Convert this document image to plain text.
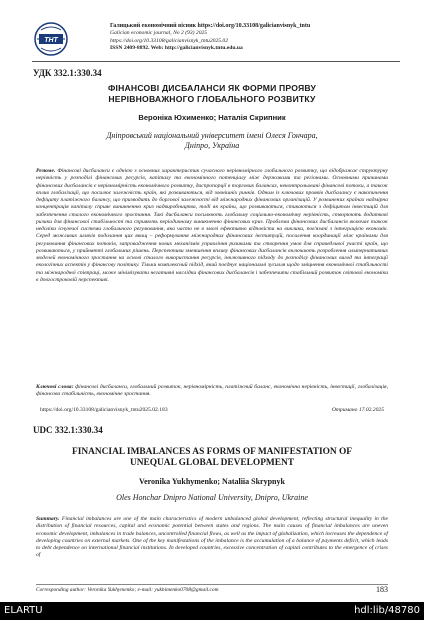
ТНТ
Галицький економічний вісник https://doi.org/10.33108/galicianvisnyk_tntu
Galician economic journal, No 2 (93) 2025
https://doi.org/10.33108/galicianvisnyk_tntu2025.02
ISSN 2409-8892. Web: http://galicianvisnyk.tntu.edu.ua
УДК 332.1:330.34
ФІНАНСОВІ ДИСБАЛАНСИ ЯК ФОРМИ ПРОЯВУ
НЕРІВНОВАЖНОГО ГЛОБАЛЬНОГО РОЗВИТКУ
Вероніка Юхименко; Наталія Скрипник
Дніпровський національний університет імені Олеся Гончара,
Дніпро, Україна
Резюме. Фінансові дисбаланси є однією з основних характеристик сучасного нерівномірного глобального розвитку, що відображає структурну нерівність у розподілі фінансових ресурсів, капіталу та економічного потенціалу між державами та регіонами. Основними причинами фінансових дисбалансів є нерівномірність економічного розвитку, диспропорції в торгових балансах, неконтрольовані фінансові потоки, а також вплив глобалізації, що посилює залежність країн, які розвиваються, від зовнішніх ринків. Одним із ключових проявів дисбалансу є накопичення дефіциту платіжного балансу, що призводить до боргової залежності від міжнародних фінансових організацій. У розвинених країнах надмірна концентрація капіталу сприяє виникненню криз надвиробництва, тоді як країни, що розвиваються, стикаються з дефіцитом інвестицій для забезпечення сталого економічного зростання. Такі дисбаланси посилюють глобальну соціально-економічну нерівність, створюють додаткові ризики для фінансової стабільності та сприяють періодичному виникненню фінансових криз. Проблема фінансових дисбалансів включає також недоліки існуючої системи глобального регулювання, яка часто не в змозі ефективно відповісти на виклики, пов'язані з інтеграцією економік. Серед можливих шляхів подолання цих явищ – реформування міжнародних фінансових інституцій, посилення координації між країнами для регулювання фінансових потоків, запровадження нових механізмів управління ризиками та створення умов для справедливої участі країн, що розвиваються, у прийнятті глобальних рішень. Перспективи зменшення впливу фінансових дисбалансів включають розроблення альтернативних моделей економічного зростання на основі сталого використання ресурсів, інклюзивного підходу до розподілу фінансових вигод та інтеграції екологічних аспектів у фінансову політику. Тільки комплексний підхід, який поєднує національні зусилля щодо зміцнення економічної стабільності та міжнародної співпраці, може мінімізувати негативні наслідки фінансових дисбалансів і забезпечити стабільний розвиток світової економіки в довгостроковій перспективі.
Ключові слова: фінансові дисбаланси, глобальний розвиток, нерівномірність, платіжний баланс, економічна нерівність, інвестиції, глобалізація, фінансова стабільність, економічне зростання.
https://doi.org/10.33108/galicianvisnyk_tntu2025.02.183	Отримано 17.02.2025
UDC 332.1:330.34
FINANCIAL IMBALANCES AS FORMS OF MANIFESTATION OF
UNEQUAL GLOBAL DEVELOPMENT
Veronika Yukhymenko; Nataliia Skrypnyk
Oles Honchar Dnipro National University, Dnipro, Ukraine
Summary. Financial imbalances are one of the main characteristics of modern unbalanced global development, reflecting structural inequality in the distribution of financial resources, capital and economic potential between states and regions. The main causes of financial imbalances are uneven economic development, imbalances in trade balances, uncontrolled financial flows, as well as the impact of globalization, which increases the dependence of developing countries on external markets. One of the key manifestations of the imbalance is the accumulation of a balance of payments deficit, which leads to debt dependence on international financial institutions. In developed countries, excessive concentration of capital contributes to the emergence of crises of
Corresponding author: Veronika Yukhymenko; e-mail: yukhimenko0708@gmail.com	183
ELARTU	hdl:lib/48780
